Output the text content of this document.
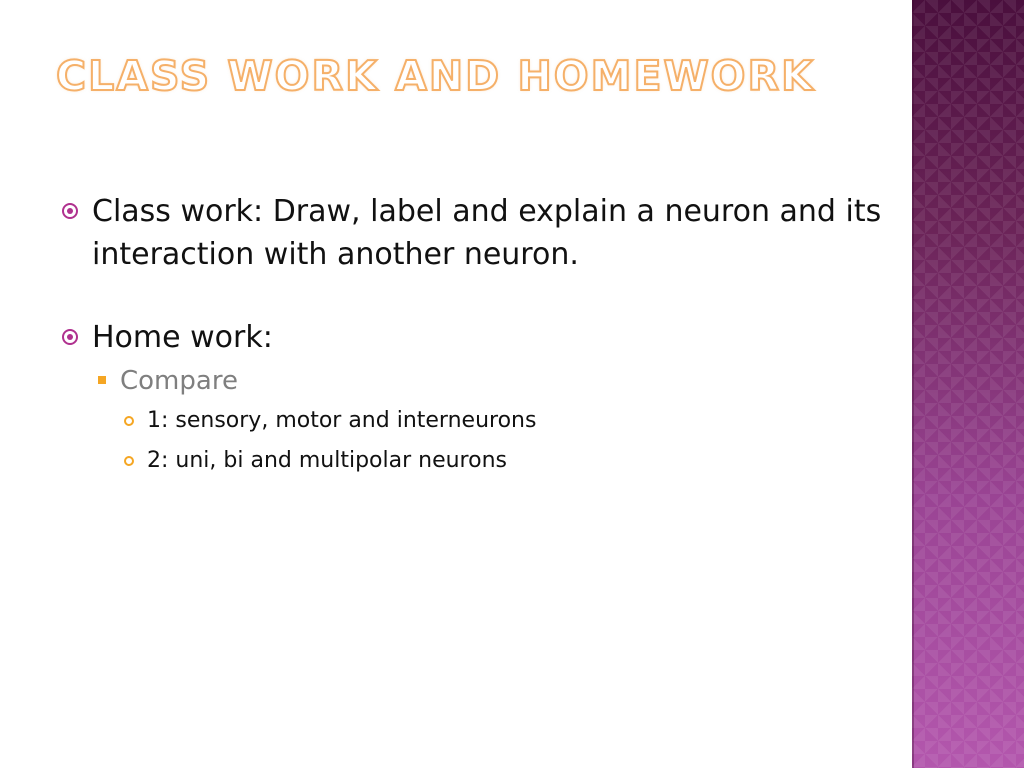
CLASS WORK AND HOMEWORK
Class work: Draw, label and explain a neuron and its interaction with another neuron.
Home work:
Compare
1: sensory, motor and interneurons
2: uni, bi and multipolar neurons
